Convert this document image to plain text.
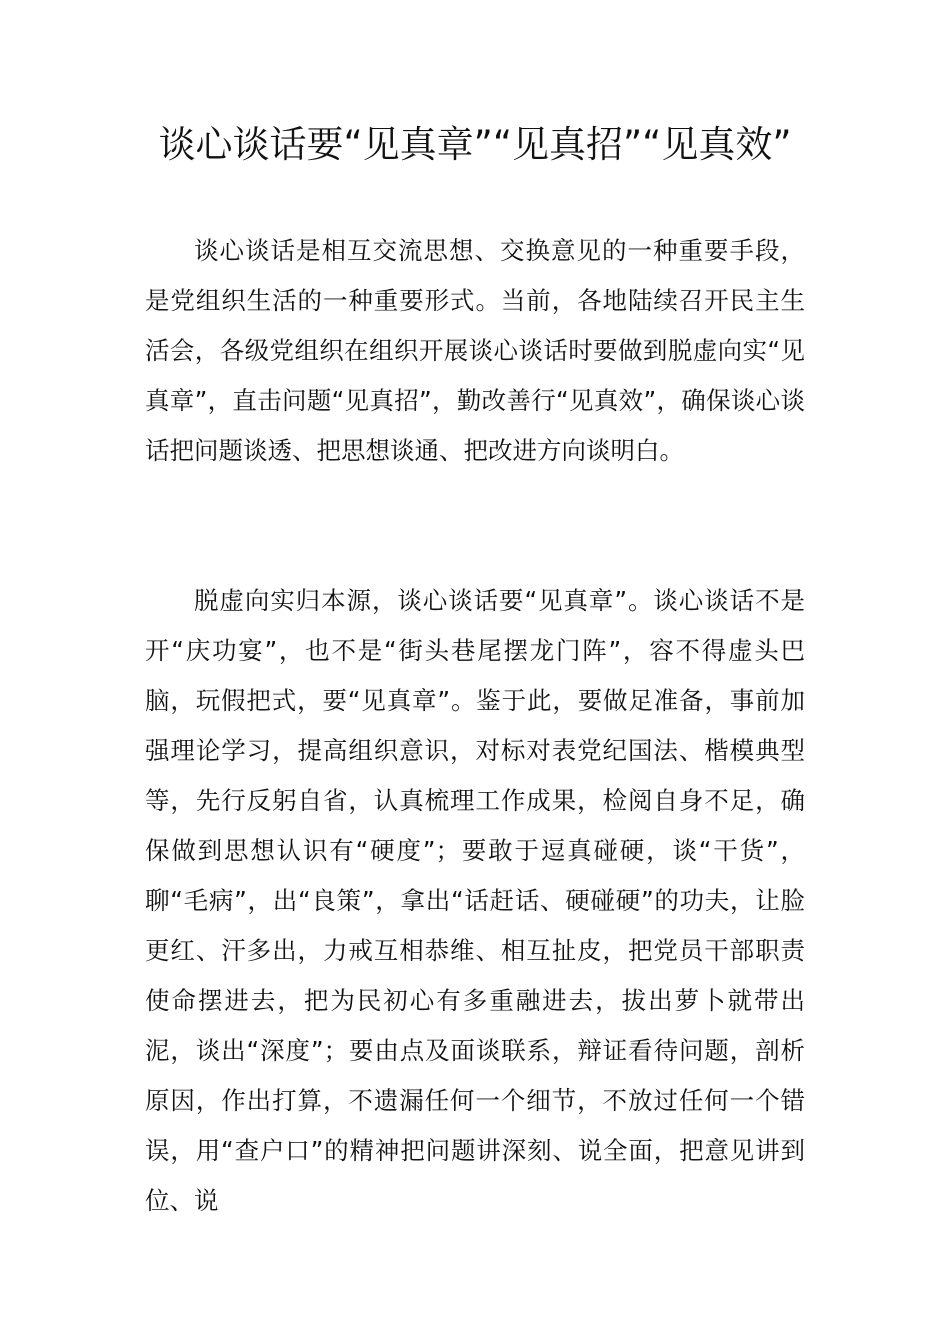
谈心谈话要“见真章”“见真招”“见真效”

谈心谈话是相互交流思想、交换意见的一种重要手段，是党组织生活的一种重要形式。当前，各地陆续召开民主生活会，各级党组织在组织开展谈心谈话时要做到脱虚向实“见真章”，直击问题“见真招”，勤改善行“见真效”，确保谈心谈话把问题谈透、把思想谈通、把改进方向谈明白。

脱虚向实归本源，谈心谈话要“见真章”。谈心谈话不是开“庆功宴”，也不是“街头巷尾摆龙门阵”，容不得虚头巴脑，玩假把式，要“见真章”。鉴于此，要做足准备，事前加强理论学习，提高组织意识，对标对表党纪国法、楷模典型等，先行反躬自省，认真梳理工作成果，检阅自身不足，确保做到思想认识有“硬度”；要敢于逗真碰硬，谈“干货”，聊“毛病”，出“良策”，拿出“话赶话、硬碰硬”的功夫，让脸更红、汗多出，力戒互相恭维、相互扯皮，把党员干部职责使命摆进去，把为民初心有多重融进去，拔出萝卜就带出泥，谈出“深度”；要由点及面谈联系，辩证看待问题，剖析原因，作出打算，不遗漏任何一个细节，不放过任何一个错误，用“查户口”的精神把问题讲深刻、说全面，把意见讲到位、说
